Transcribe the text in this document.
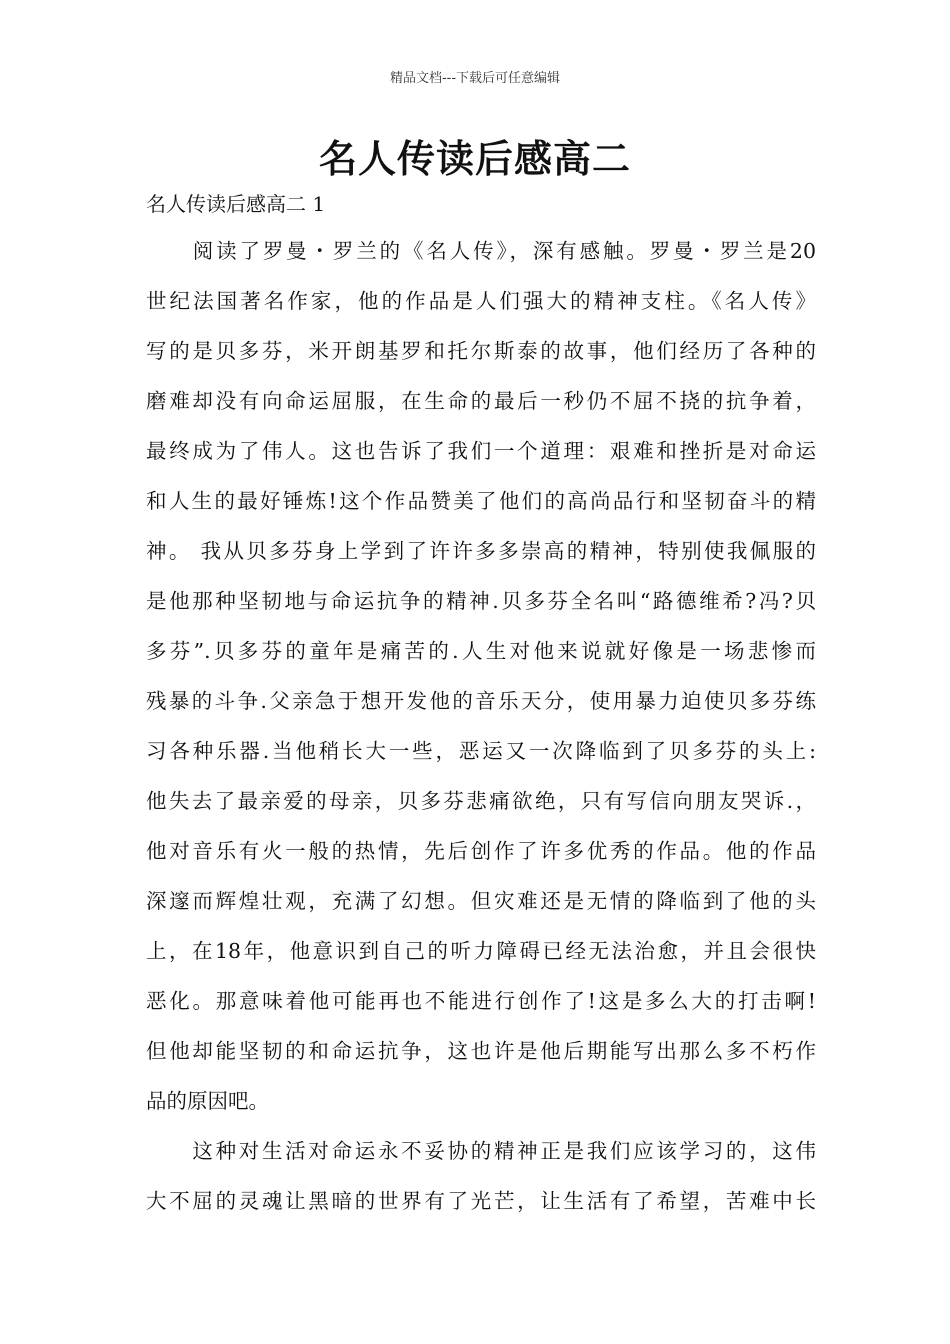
精品文档---下载后可任意编辑
名人传读后感高二
名人传读后感高二 1
　　阅读了罗曼・罗兰的《名人传》，深有感触。罗曼・罗兰是20
世纪法国著名作家，他的作品是人们强大的精神支柱。《名人传》
写的是贝多芬，米开朗基罗和托尔斯泰的故事，他们经历了各种的
磨难却没有向命运屈服，在生命的最后一秒仍不屈不挠的抗争着，
最终成为了伟人。这也告诉了我们一个道理：艰难和挫折是对命运
和人生的最好锤炼!这个作品赞美了他们的高尚品行和坚韧奋斗的精
神。 我从贝多芬身上学到了许许多多崇高的精神，特别使我佩服的
是他那种坚韧地与命运抗争的精神.贝多芬全名叫“路德维希?冯?贝
多芬”.贝多芬的童年是痛苦的.人生对他来说就好像是一场悲惨而
残暴的斗争.父亲急于想开发他的音乐天分，使用暴力迫使贝多芬练
习各种乐器.当他稍长大一些，恶运又一次降临到了贝多芬的头上:
他失去了最亲爱的母亲，贝多芬悲痛欲绝，只有写信向朋友哭诉.，
他对音乐有火一般的热情，先后创作了许多优秀的作品。他的作品
深邃而辉煌壮观，充满了幻想。但灾难还是无情的降临到了他的头
上，在18年，他意识到自己的听力障碍已经无法治愈，并且会很快
恶化。那意味着他可能再也不能进行创作了!这是多么大的打击啊!
但他却能坚韧的和命运抗争，这也许是他后期能写出那么多不朽作
品的原因吧。
　　这种对生活对命运永不妥协的精神正是我们应该学习的，这伟
大不屈的灵魂让黑暗的世界有了光芒，让生活有了希望，苦难中长
